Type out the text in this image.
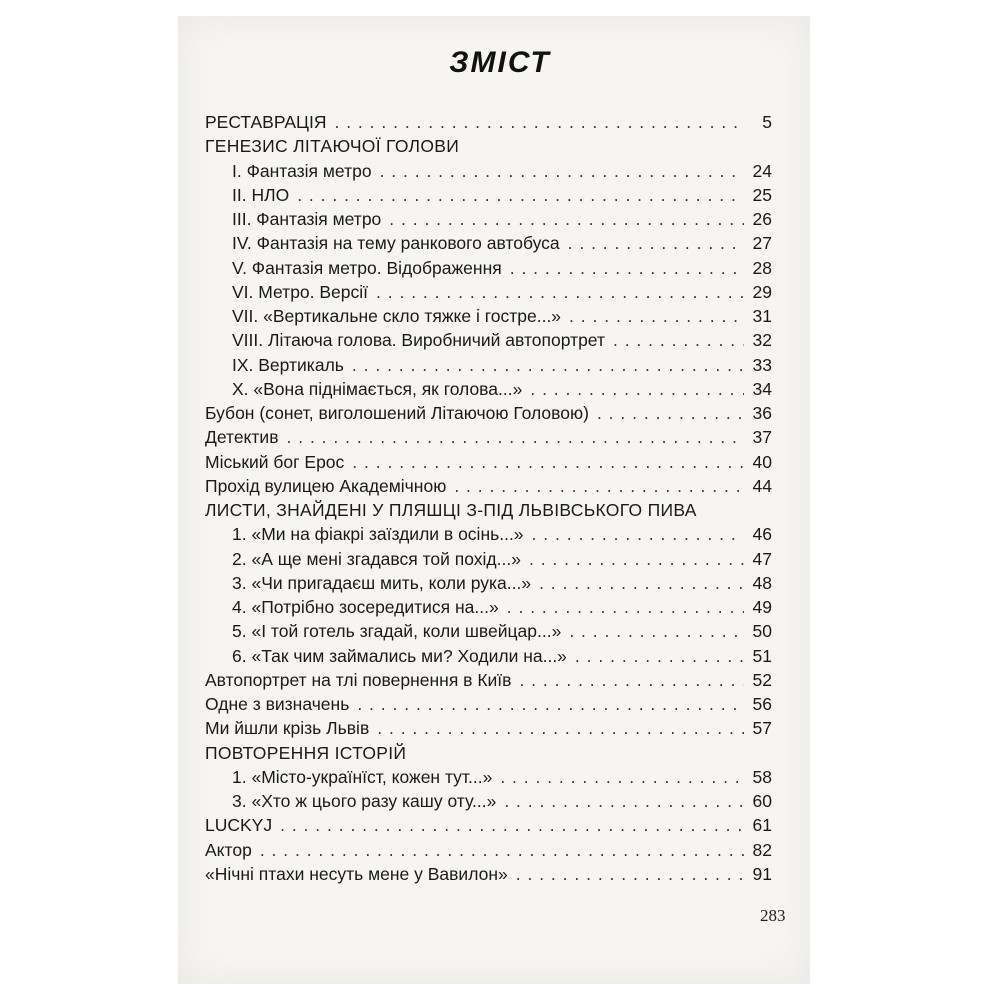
ЗМІСТ
РЕСТАВРАЦІЯ . . .	5
ГЕНЕЗИС ЛІТАЮЧОЇ ГОЛОВИ
І. Фантазія метро . . .	24
ІІ. НЛО . . .	25
ІІІ. Фантазія метро . . .	26
IV. Фантазія на тему ранкового автобуса . . .	27
V. Фантазія метро. Відображення . . .	28
VI. Метро. Версії . . .	29
VII. «Вертикальне скло тяжке і гостре...» . . .	31
VIII. Літаюча голова. Виробничий автопортрет . . .	32
ІХ. Вертикаль . . .	33
Х. «Вона піднімається, як голова...» . . .	34
Бубон (сонет, виголошений Літаючою Головою) . . .	36
Детектив . . .	37
Міський бог Ерос . . .	40
Прохід вулицею Академічною . . .	44
ЛИСТИ, ЗНАЙДЕНІ У ПЛЯШЦІ З-ПІД ЛЬВІВСЬКОГО ПИВА
1. «Ми на фіакрі заїздили в осінь...» . . .	46
2. «А ще мені згадався той похід...» . . .	47
3. «Чи пригадаєш мить, коли рука...» . . .	48
4. «Потрібно зосередитися на...» . . .	49
5. «І той готель згадай, коли швейцар...» . . .	50
6. «Так чим займались ми? Ходили на...» . . .	51
Автопортрет на тлі повернення в Київ . . .	52
Одне з визначень . . .	56
Ми йшли крізь Львів . . .	57
ПОВТОРЕННЯ ІСТОРІЙ
1. «Місто-українїст, кожен тут...» . . .	58
3. «Хто ж цього разу кашу оту...» . . .	60
LUCKYJ . . .	61
Актор . . .	82
«Нічні птахи несуть мене у Вавилон» . . .	91
283
